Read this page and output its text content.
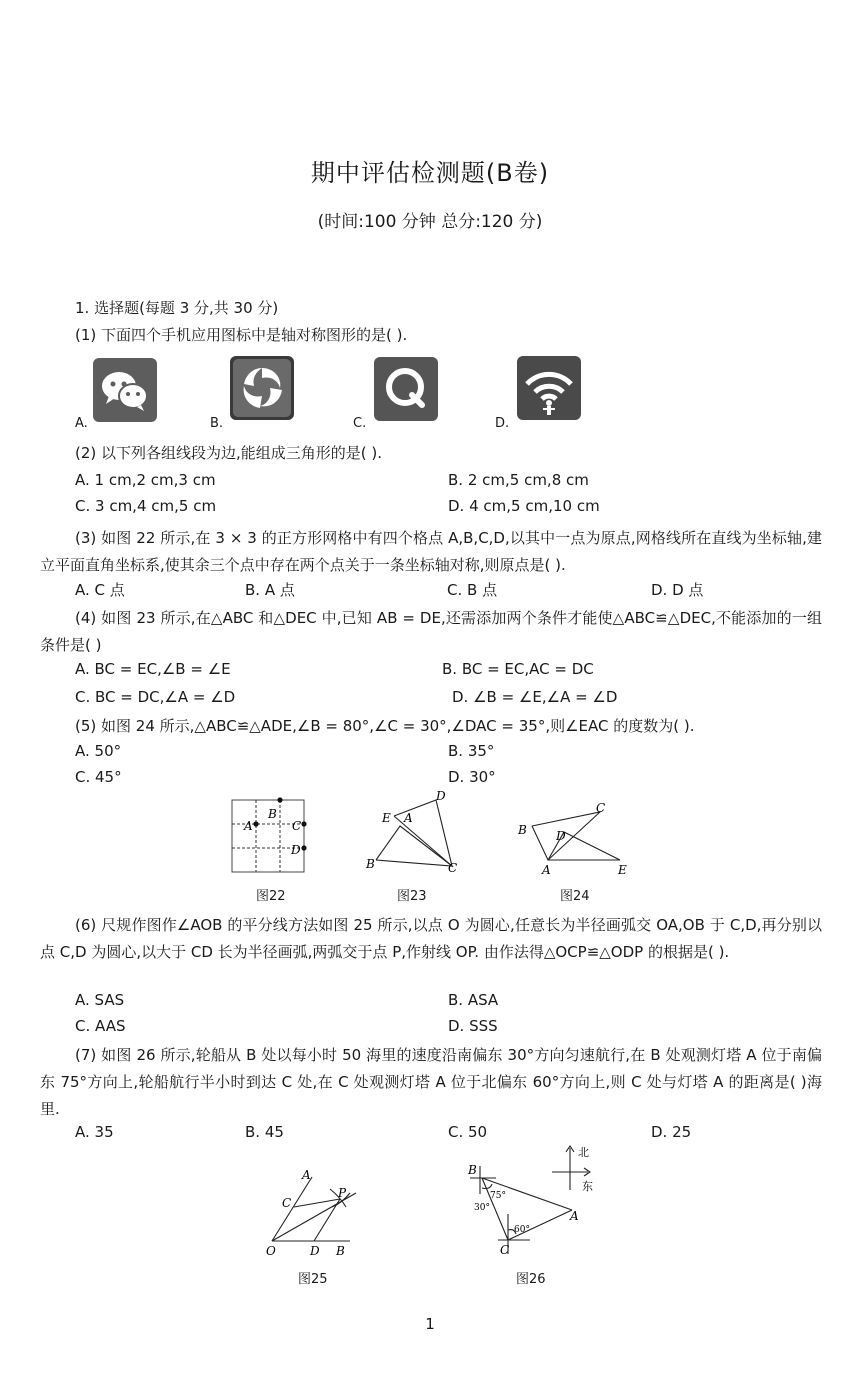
期中评估检测题(B卷)
(时间:100 分钟 总分:120 分)
1. 选择题(每题 3 分,共 30 分)
(1) 下面四个手机应用图标中是轴对称图形的是( ).
A.	B.	C.	D.
(2) 以下列各组线段为边,能组成三角形的是( ).
A. 1 cm,2 cm,3 cm	B. 2 cm,5 cm,8 cm
C. 3 cm,4 cm,5 cm	D. 4 cm,5 cm,10 cm
(3) 如图 22 所示,在 3 × 3 的正方形网格中有四个格点 A,B,C,D,以其中一点为原点,网格线所在直线为坐标轴,建立平面直角坐标系,使其余三个点中存在两个点关于一条坐标轴对称,则原点是( ).
A. C 点	B. A 点	C. B 点	D. D 点
(4) 如图 23 所示,在△ABC 和△DEC 中,已知 AB = DE,还需添加两个条件才能使△ABC≌△DEC,不能添加的一组条件是( )
A. BC = EC,∠B = ∠E	B. BC = EC,AC = DC
C. BC = DC,∠A = ∠D	D. ∠B = ∠E,∠A = ∠D
(5) 如图 24 所示,△ABC≌△ADE,∠B = 80°,∠C = 30°,∠DAC = 35°,则∠EAC 的度数为( ).
A. 50°	B. 35°
C. 45°	D. 30°
B
A	C
D
图22
D
E A
B	C
图23
C
B D
A	E
图24
(6) 尺规作图作∠AOB 的平分线方法如图 25 所示,以点 O 为圆心,任意长为半径画弧交 OA,OB 于 C,D,再分别以点 C,D 为圆心,以大于 CD 长为半径画弧,两弧交于点 P,作射线 OP. 由作法得△OCP≌△ODP 的根据是( ).
A. SAS	B. ASA
C. AAS	D. SSS
(7) 如图 26 所示,轮船从 B 处以每小时 50 海里的速度沿南偏东 30°方向匀速航行,在 B 处观测灯塔 A 位于南偏东 75°方向上,轮船航行半小时到达 C 处,在 C 处观测灯塔 A 位于北偏东 60°方向上,则 C 处与灯塔 A 的距离是( )海里.
A. 35	B. 45	C. 50	D. 25
A
C
P
O	D B
图25
北
东
B
75°
30°
60°
A
C
图26
1
